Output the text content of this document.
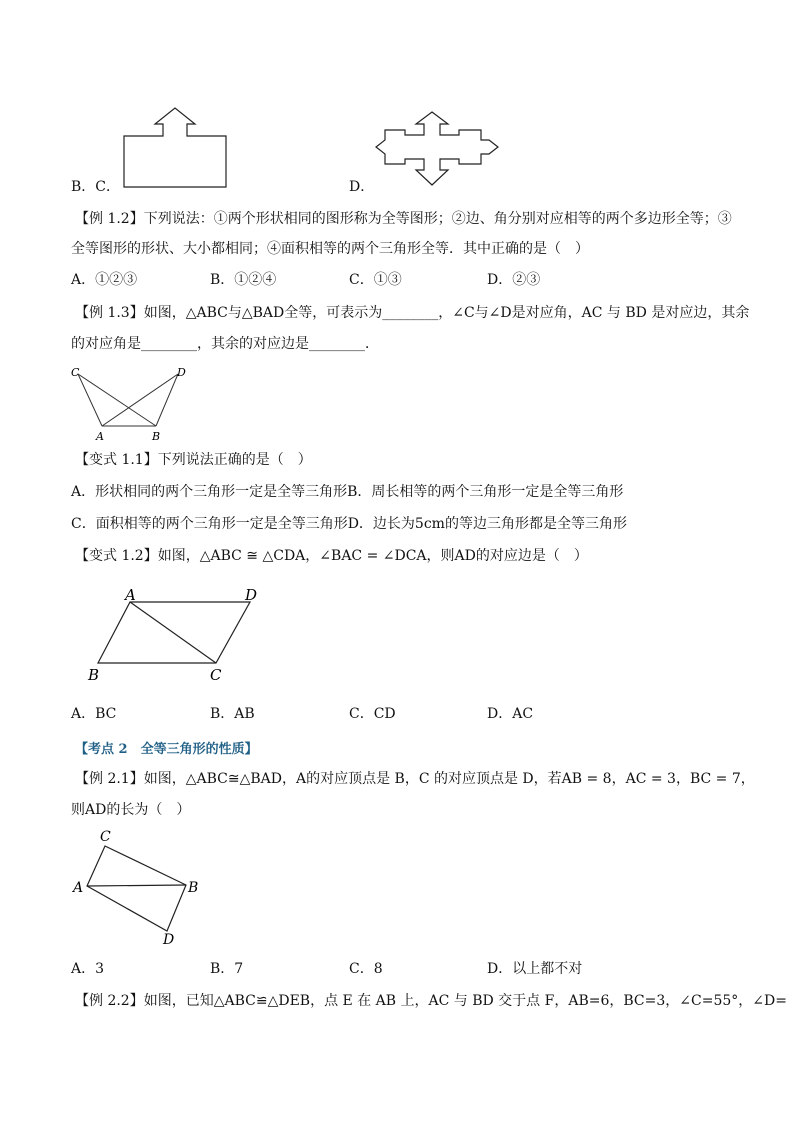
B．C．	D．
【例 1.2】下列说法：①两个形状相同的图形称为全等图形；②边、角分别对应相等的两个多边形全等；③
全等图形的形状、大小都相同；④面积相等的两个三角形全等．其中正确的是（　）
A．①②③	B．①②④	C．①③	D．②③
【例 1.3】如图，△ABC与△BAD全等，可表示为________，∠C与∠D是对应角，AC 与 BD 是对应边，其余
的对应角是________，其余的对应边是________．
C	D
A	B
【变式 1.1】下列说法正确的是（　）
A．形状相同的两个三角形一定是全等三角形B．周长相等的两个三角形一定是全等三角形
C．面积相等的两个三角形一定是全等三角形D．边长为5cm的等边三角形都是全等三角形
【变式 1.2】如图，△ABC ≅ △CDA，∠BAC = ∠DCA，则AD的对应边是（　）
A	D
B	C
A．BC	B．AB	C．CD	D．AC
【考点 2　全等三角形的性质】
【例 2.1】如图，△ABC≅△BAD，A的对应顶点是 B，C 的对应顶点是 D，若AB = 8，AC = 3，BC = 7，
则AD的长为（　）
C
A	B
D
A．3	B．7	C．8	D．以上都不对
【例 2.2】如图，已知△ABC≌△DEB，点 E 在 AB 上，AC 与 BD 交于点 F，AB=6，BC=3，∠C=55°，∠D=
